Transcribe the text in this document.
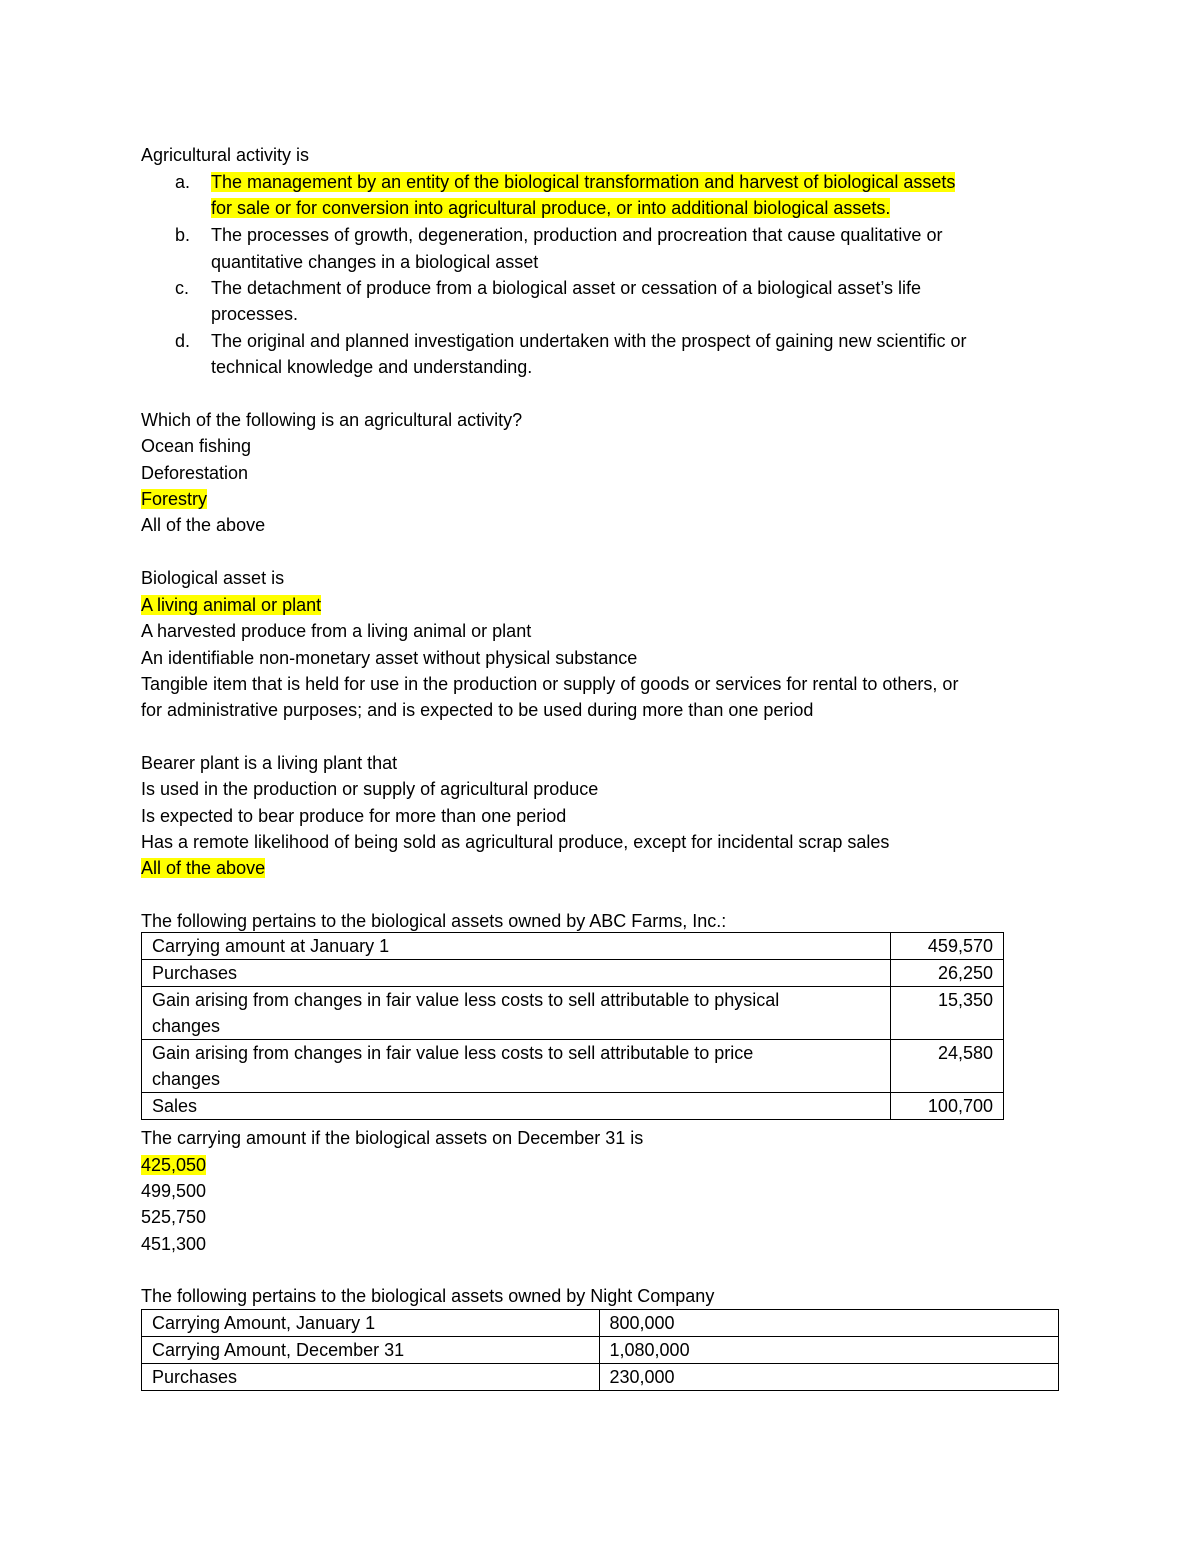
Agricultural activity is
a. The management by an entity of the biological transformation and harvest of biological assets
for sale or for conversion into agricultural produce, or into additional biological assets.
b. The processes of growth, degeneration, production and procreation that cause qualitative or
quantitative changes in a biological asset
c. The detachment of produce from a biological asset or cessation of a biological asset’s life
processes.
d. The original and planned investigation undertaken with the prospect of gaining new scientific or
technical knowledge and understanding.
Which of the following is an agricultural activity?
Ocean fishing
Deforestation
Forestry
All of the above
Biological asset is
A living animal or plant
A harvested produce from a living animal or plant
An identifiable non-monetary asset without physical substance
Tangible item that is held for use in the production or supply of goods or services for rental to others, or
for administrative purposes; and is expected to be used during more than one period
Bearer plant is a living plant that
Is used in the production or supply of agricultural produce
Is expected to bear produce for more than one period
Has a remote likelihood of being sold as agricultural produce, except for incidental scrap sales
All of the above
The following pertains to the biological assets owned by ABC Farms, Inc.:
Carrying amount at January 1	459,570
Purchases	26,250

Gain arising from changes in fair value less costs to sell attributable to physical
changes	15,350

Gain arising from changes in fair value less costs to sell attributable to price
changes	24,580
Sales	100,700
The carrying amount if the biological assets on December 31 is
425,050
499,500
525,750
451,300
The following pertains to the biological assets owned by Night Company
Carrying Amount, January 1	800,000
Carrying Amount, December 31	1,080,000
Purchases	230,000
